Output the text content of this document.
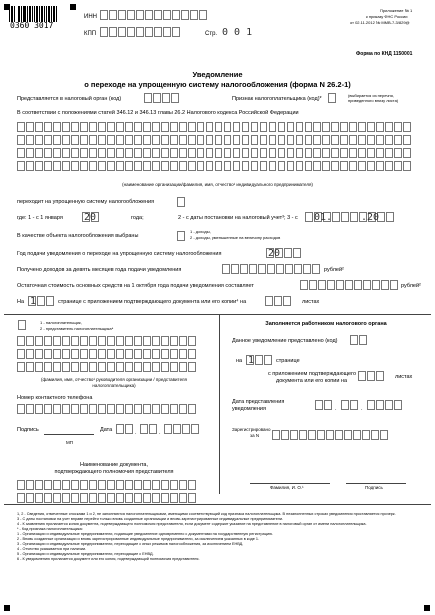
0360 3017
ИНН
КПП	Стр. 0 0 1
Приложение № 1
к приказу ФНС России
от 02.11.2012 № ММВ-7-3/829@
Форма по КНД 1150001
Уведомление
о переходе на упрощенную систему налогообложения (форма N 26.2-1)
Представляется в налоговый орган (код)	Признак налогоплательщика (код)*
(выбирается из перечня,
приведенного внизу листа)
В соответствии с положениями статей 346.12 и 346.13 главы 26.2 Налогового кодекса Российской Федерации
(наименование организации/фамилия, имя, отчество¹ индивидуального предпринимателя)
переходит на упрощенную систему налогообложения
где: 1 - с 1 января 20	года;	2 - с даты постановки на налоговый учет³; 3 - с 01.	.20
В качестве объекта налогообложения выбраны
1 - доходы,
2 - доходы, уменьшенные на величину расходов
Год подачи уведомления о переходе на упрощенную систему налогообложения	20
Получено доходов за девять месяцев года подачи уведомления	рублей²
Остаточная стоимость основных средств на 1 октября года подачи уведомления составляет	рублей²
На 1	странице с приложением подтверждающего документа или его копии⁴ на	листах
1 - налогоплательщик,
2 - представитель налогоплательщика⁴
(фамилия, имя, отчество¹ руководителя организации / представителя
налогоплательщика)
Номер контактного телефона
Подпись	Дата	.	.
МП
Наименование документа,
подтверждающего полномочия представителя
Заполняется работником налогового органа
Данное уведомление представлено (код)
на 1	странице
с приложением подтверждающего
документа или его копии на
листах
Дата представления
уведомления	.	.
Зарегистрировано
за N
Фамилия, И. О.¹	Подпись
1, 2 - Сведения, отмеченные сносками 1 и 2, не заполняются налогоплательщиками, имеющими соответствующий код признака налогоплательщика. В незаполненных строках уведомления проставляется прочерк.
3 - С даты постановки на учет вправе перейти только вновь созданные организации и вновь зарегистрированные индивидуальные предприниматели.
4 - К заявлению прилагается копия документа, подтверждающего полномочия представителя, если документ содержит указание на представление в налоговый орган от имени налогоплательщика.
* - Код признака налогоплательщика:
1 - Организации и индивидуальные предприниматели, подающие уведомление одновременно с документами на государственную регистрацию.
2 - Вновь созданные организации и вновь зарегистрированные индивидуальные предприниматели, за исключением указанных в коде 1.
3 - Организации и индивидуальные предприниматели, переходящие с иных режимов налогообложения, за исключением ЕНВД.
4 - Отчество указывается при наличии.
5 - Организации и индивидуальные предприниматели, переходящие с ЕНВД.
6 - К уведомлению прилагается документ или его копия, подтверждающий полномочия представителя.
